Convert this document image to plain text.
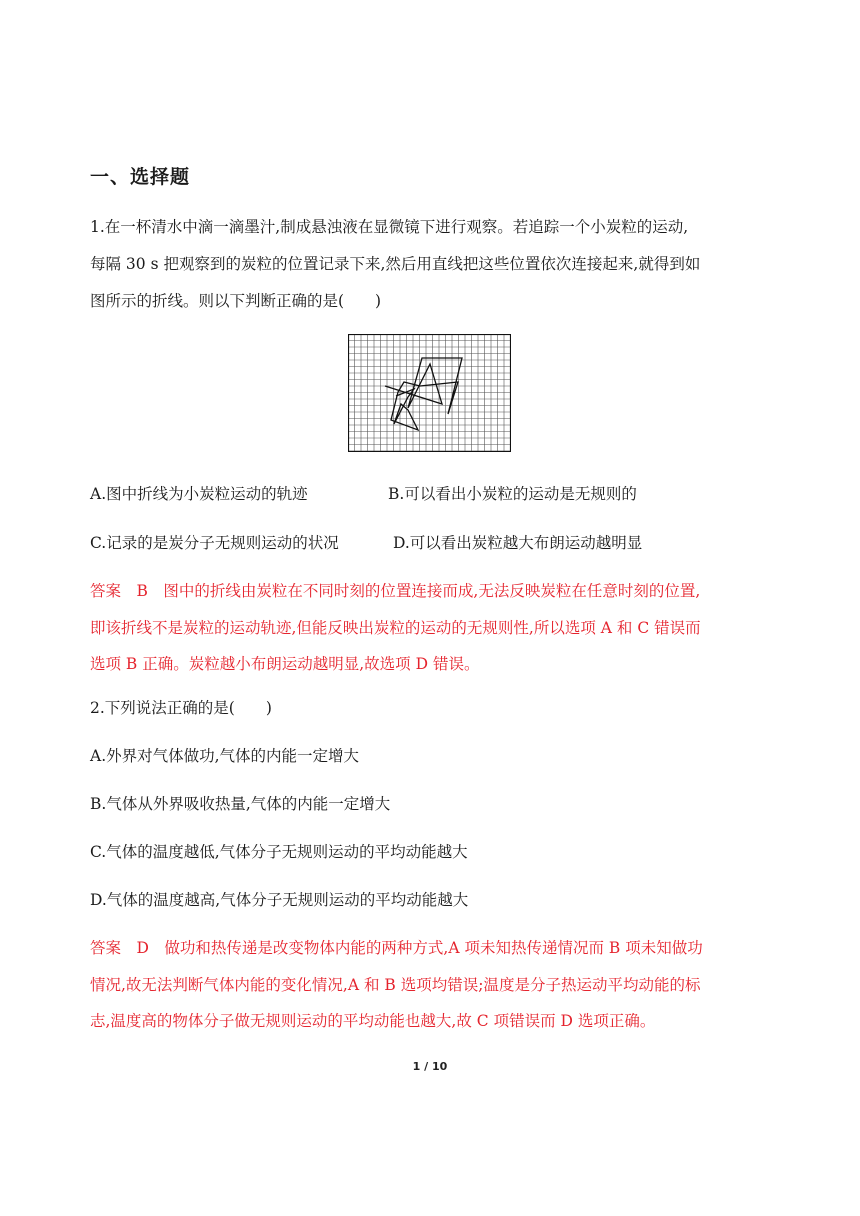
一、选择题
1.在一杯清水中滴一滴墨汁,制成悬浊液在显微镜下进行观察。若追踪一个小炭粒的运动,
每隔 30 s 把观察到的炭粒的位置记录下来,然后用直线把这些位置依次连接起来,就得到如
图所示的折线。则以下判断正确的是(　　)
A.图中折线为小炭粒运动的轨迹	B.可以看出小炭粒的运动是无规则的
C.记录的是炭分子无规则运动的状况	D.可以看出炭粒越大布朗运动越明显
答案　B　图中的折线由炭粒在不同时刻的位置连接而成,无法反映炭粒在任意时刻的位置,
即该折线不是炭粒的运动轨迹,但能反映出炭粒的运动的无规则性,所以选项 A 和 C 错误而
选项 B 正确。炭粒越小布朗运动越明显,故选项 D 错误。
2.下列说法正确的是(　　)
A.外界对气体做功,气体的内能一定增大
B.气体从外界吸收热量,气体的内能一定增大
C.气体的温度越低,气体分子无规则运动的平均动能越大
D.气体的温度越高,气体分子无规则运动的平均动能越大
答案　D　做功和热传递是改变物体内能的两种方式,A 项未知热传递情况而 B 项未知做功
情况,故无法判断气体内能的变化情况,A 和 B 选项均错误;温度是分子热运动平均动能的标
志,温度高的物体分子做无规则运动的平均动能也越大,故 C 项错误而 D 选项正确。
1 / 10
